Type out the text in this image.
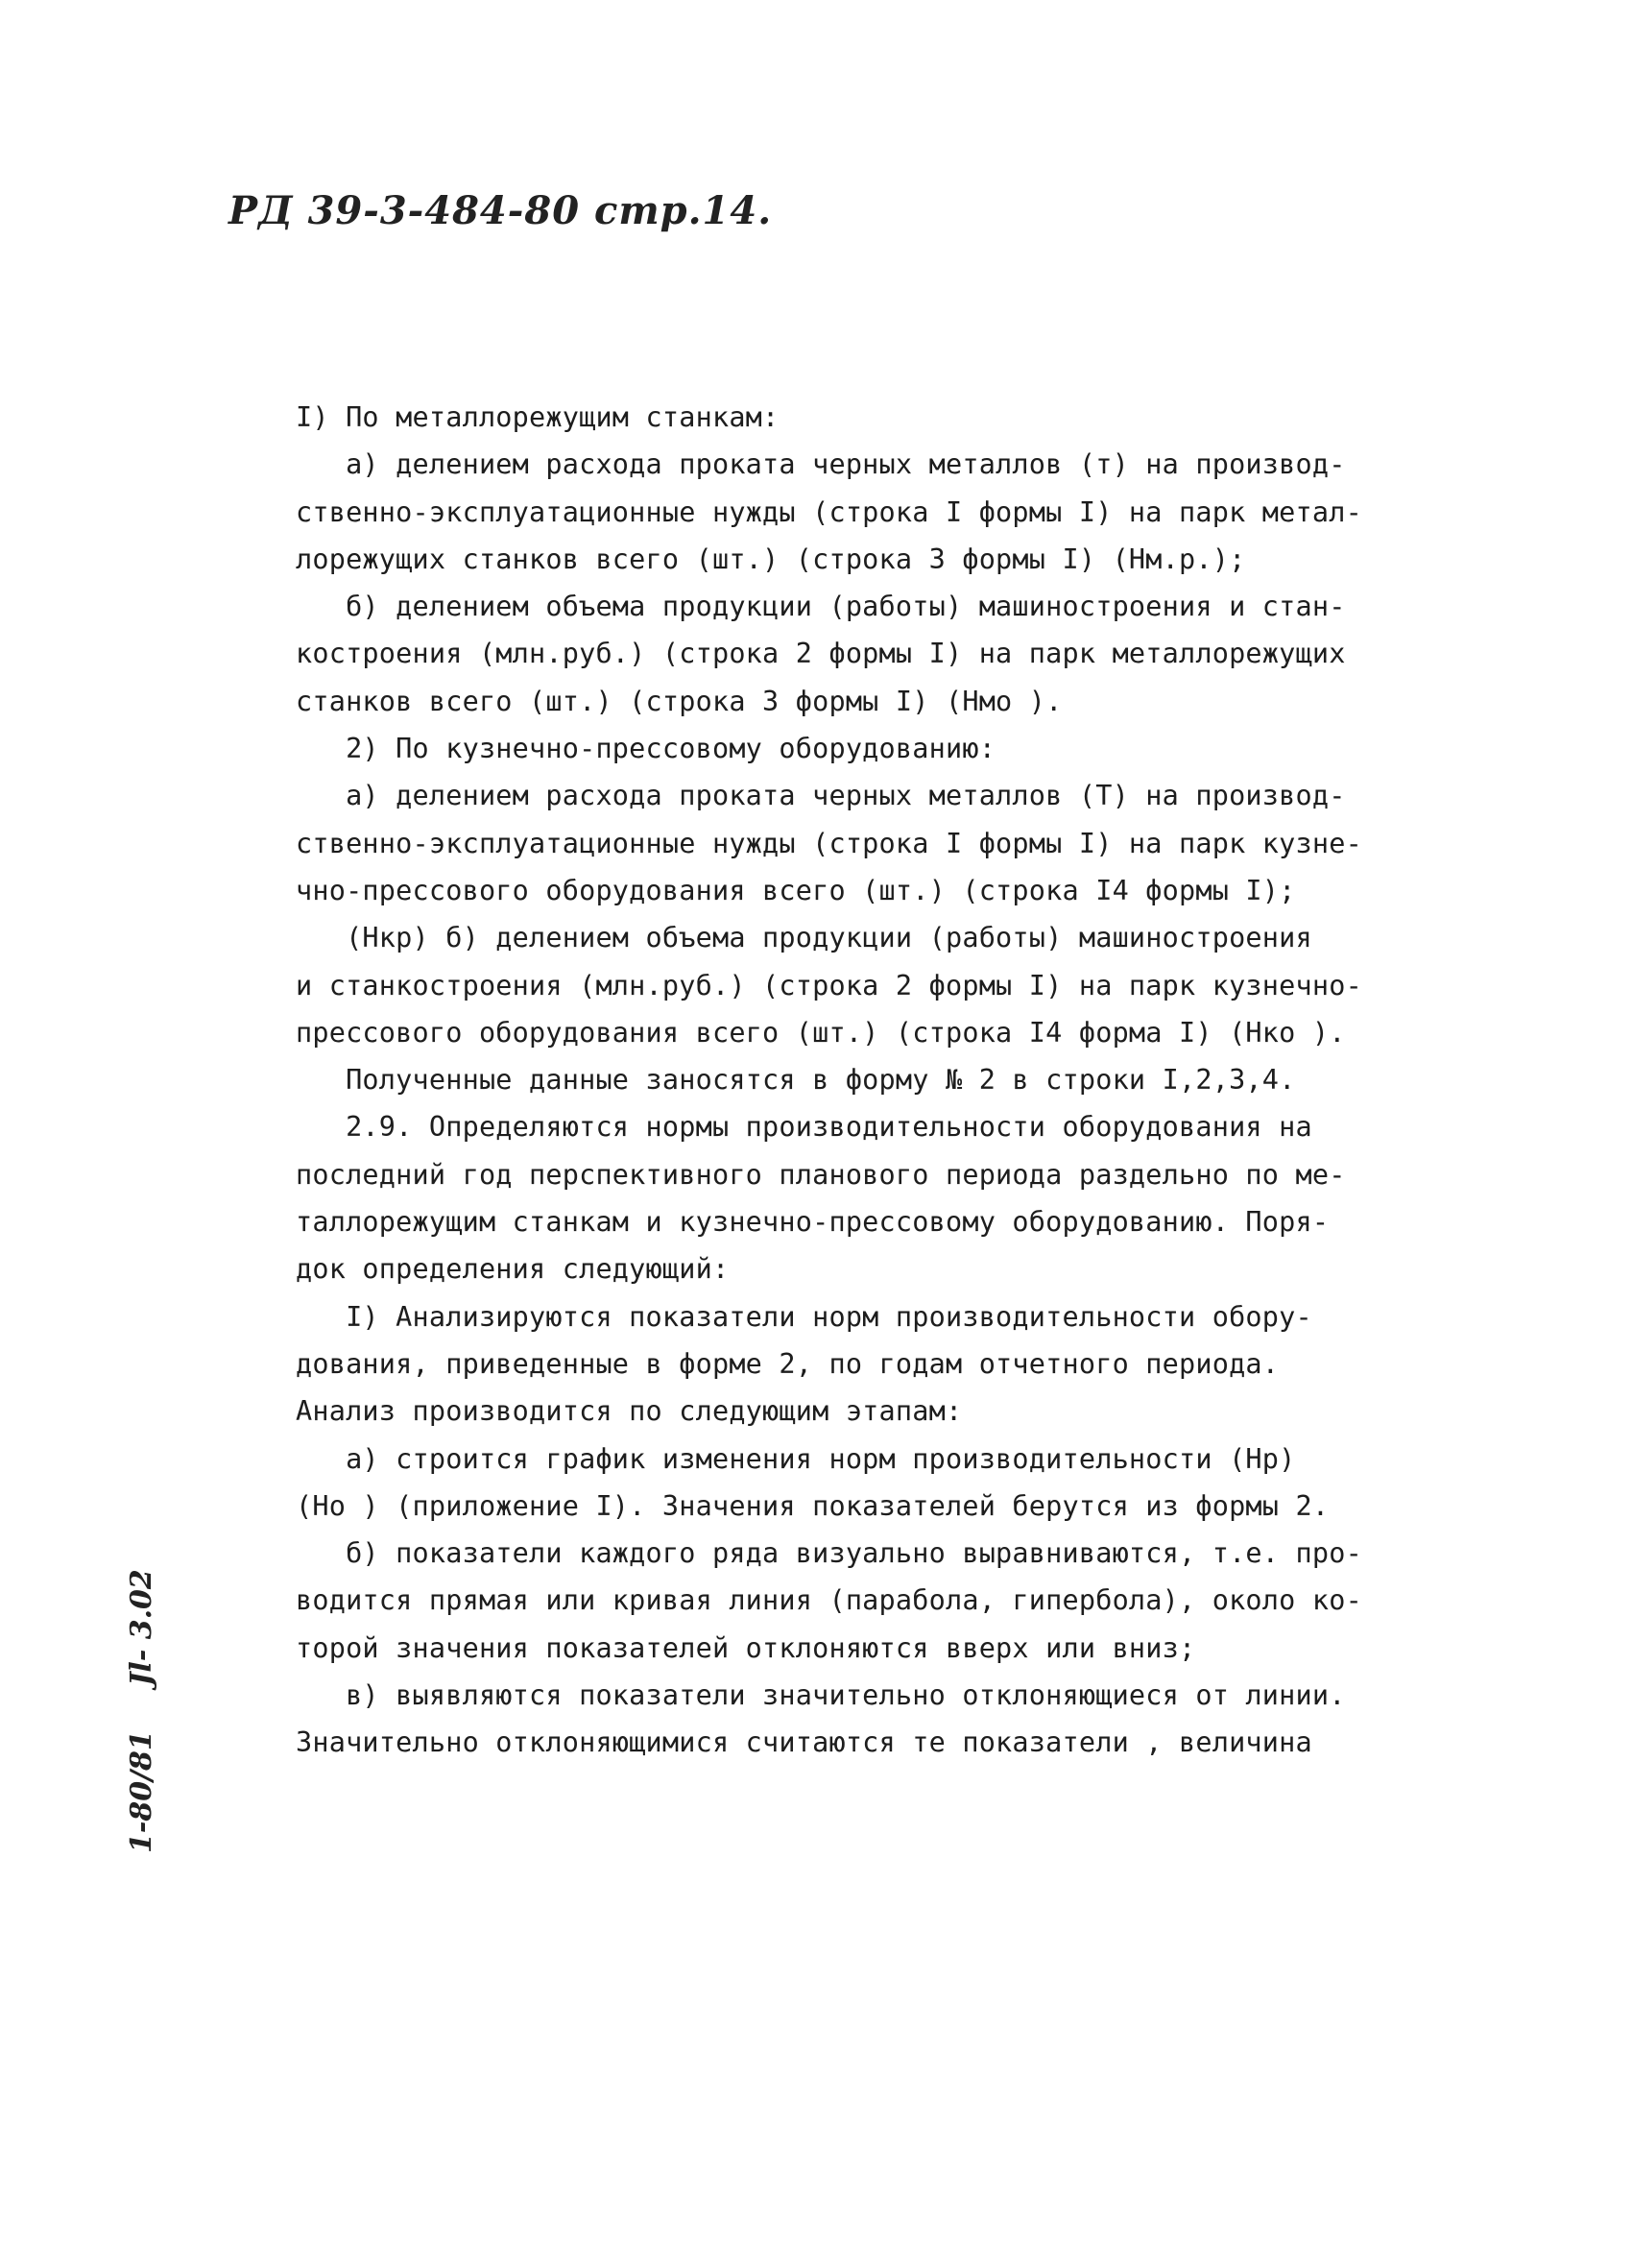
РД 39-3-484-80 стр.14.
I) По металлорежущим станкам:
а) делением расхода проката черных металлов (т) на производ-
ственно-эксплуатационные нужды (строка I формы I) на парк метал-
лорежущих станков всего (шт.) (строка 3 формы I) (Нм.р.);
б) делением объема продукции (работы) машиностроения и стан-
костроения (млн.руб.) (строка 2 формы I) на парк металлорежущих
станков всего (шт.) (строка 3 формы I) (Нмо ).
2) По кузнечно-прессовому оборудованию:
а) делением расхода проката черных металлов (Т) на производ-
ственно-эксплуатационные нужды (строка I формы I) на парк кузне-
чно-прессового оборудования всего (шт.) (строка I4 формы I);
(Нкр) б) делением объема продукции (работы) машиностроения
и станкостроения (млн.руб.) (строка 2 формы I) на парк кузнечно-
прессового оборудования всего (шт.) (строка I4 форма I) (Нко ).
Полученные данные заносятся в форму № 2 в строки I,2,3,4.
2.9. Определяются нормы производительности оборудования на
последний год перспективного планового периода раздельно по ме-
таллорежущим станкам и кузнечно-прессовому оборудованию. Поря-
док определения следующий:
I) Анализируются показатели норм производительности обору-
дования, приведенные в форме 2, по годам отчетного периода.
Анализ производится по следующим этапам:
а) строится график изменения норм производительности (Нр)
(Но ) (приложение I). Значения показателей берутся из формы 2.
б) показатели каждого ряда визуально выравниваются, т.е. про-
водится прямая или кривая линия (парабола, гипербола), около ко-
торой значения показателей отклоняются вверх или вниз;
в) выявляются показатели значительно отклоняющиеся от линии.
Значительно отклоняющимися считаются те показатели , величина
1-80/81 Jl- 3.02
